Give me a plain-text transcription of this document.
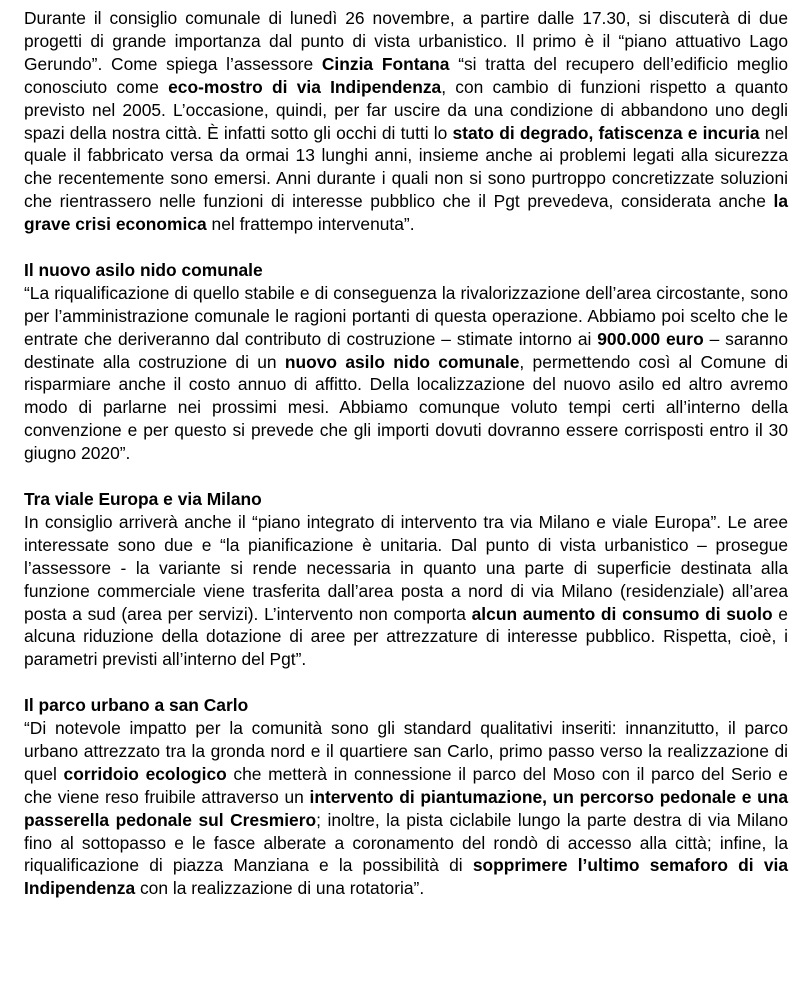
Durante il consiglio comunale di lunedì 26 novembre, a partire dalle 17.30, si discuterà di due progetti di grande importanza dal punto di vista urbanistico. Il primo è il “piano attuativo Lago Gerundo”. Come spiega l’assessore Cinzia Fontana “si tratta del recupero dell’edificio meglio conosciuto come eco-mostro di via Indipendenza, con cambio di funzioni rispetto a quanto previsto nel 2005. L’occasione, quindi, per far uscire da una condizione di abbandono uno degli spazi della nostra città. È infatti sotto gli occhi di tutti lo stato di degrado, fatiscenza e incuria nel quale il fabbricato versa da ormai 13 lunghi anni, insieme anche ai problemi legati alla sicurezza che recentemente sono emersi. Anni durante i quali non si sono purtroppo concretizzate soluzioni che rientrassero nelle funzioni di interesse pubblico che il Pgt prevedeva, considerata anche la grave crisi economica nel frattempo intervenuta”.

Il nuovo asilo nido comunale

“La riqualificazione di quello stabile e di conseguenza la rivalorizzazione dell’area circostante, sono per l’amministrazione comunale le ragioni portanti di questa operazione. Abbiamo poi scelto che le entrate che deriveranno dal contributo di costruzione – stimate intorno ai 900.000 euro – saranno destinate alla costruzione di un nuovo asilo nido comunale, permettendo così al Comune di risparmiare anche il costo annuo di affitto. Della localizzazione del nuovo asilo ed altro avremo modo di parlarne nei prossimi mesi. Abbiamo comunque voluto tempi certi all’interno della convenzione e per questo si prevede che gli importi dovuti dovranno essere corrisposti entro il 30 giugno 2020”.

Tra viale Europa e via Milano

In consiglio arriverà anche il “piano integrato di intervento tra via Milano e viale Europa”. Le aree interessate sono due e “la pianificazione è unitaria. Dal punto di vista urbanistico – prosegue l’assessore - la variante si rende necessaria in quanto una parte di superficie destinata alla funzione commerciale viene trasferita dall’area posta a nord di via Milano (residenziale) all’area posta a sud (area per servizi). L’intervento non comporta alcun aumento di consumo di suolo e alcuna riduzione della dotazione di aree per attrezzature di interesse pubblico. Rispetta, cioè, i parametri previsti all’interno del Pgt”.

Il parco urbano a san Carlo

“Di notevole impatto per la comunità sono gli standard qualitativi inseriti: innanzitutto, il parco urbano attrezzato tra la gronda nord e il quartiere san Carlo, primo passo verso la realizzazione di quel corridoio ecologico che metterà in connessione il parco del Moso con il parco del Serio e che viene reso fruibile attraverso un intervento di piantumazione, un percorso pedonale e una passerella pedonale sul Cresmiero; inoltre, la pista ciclabile lungo la parte destra di via Milano fino al sottopasso e le fasce alberate a coronamento del rondò di accesso alla città; infine, la riqualificazione di piazza Manziana e la possibilità di sopprimere l’ultimo semaforo di via Indipendenza con la realizzazione di una rotatoria”.
